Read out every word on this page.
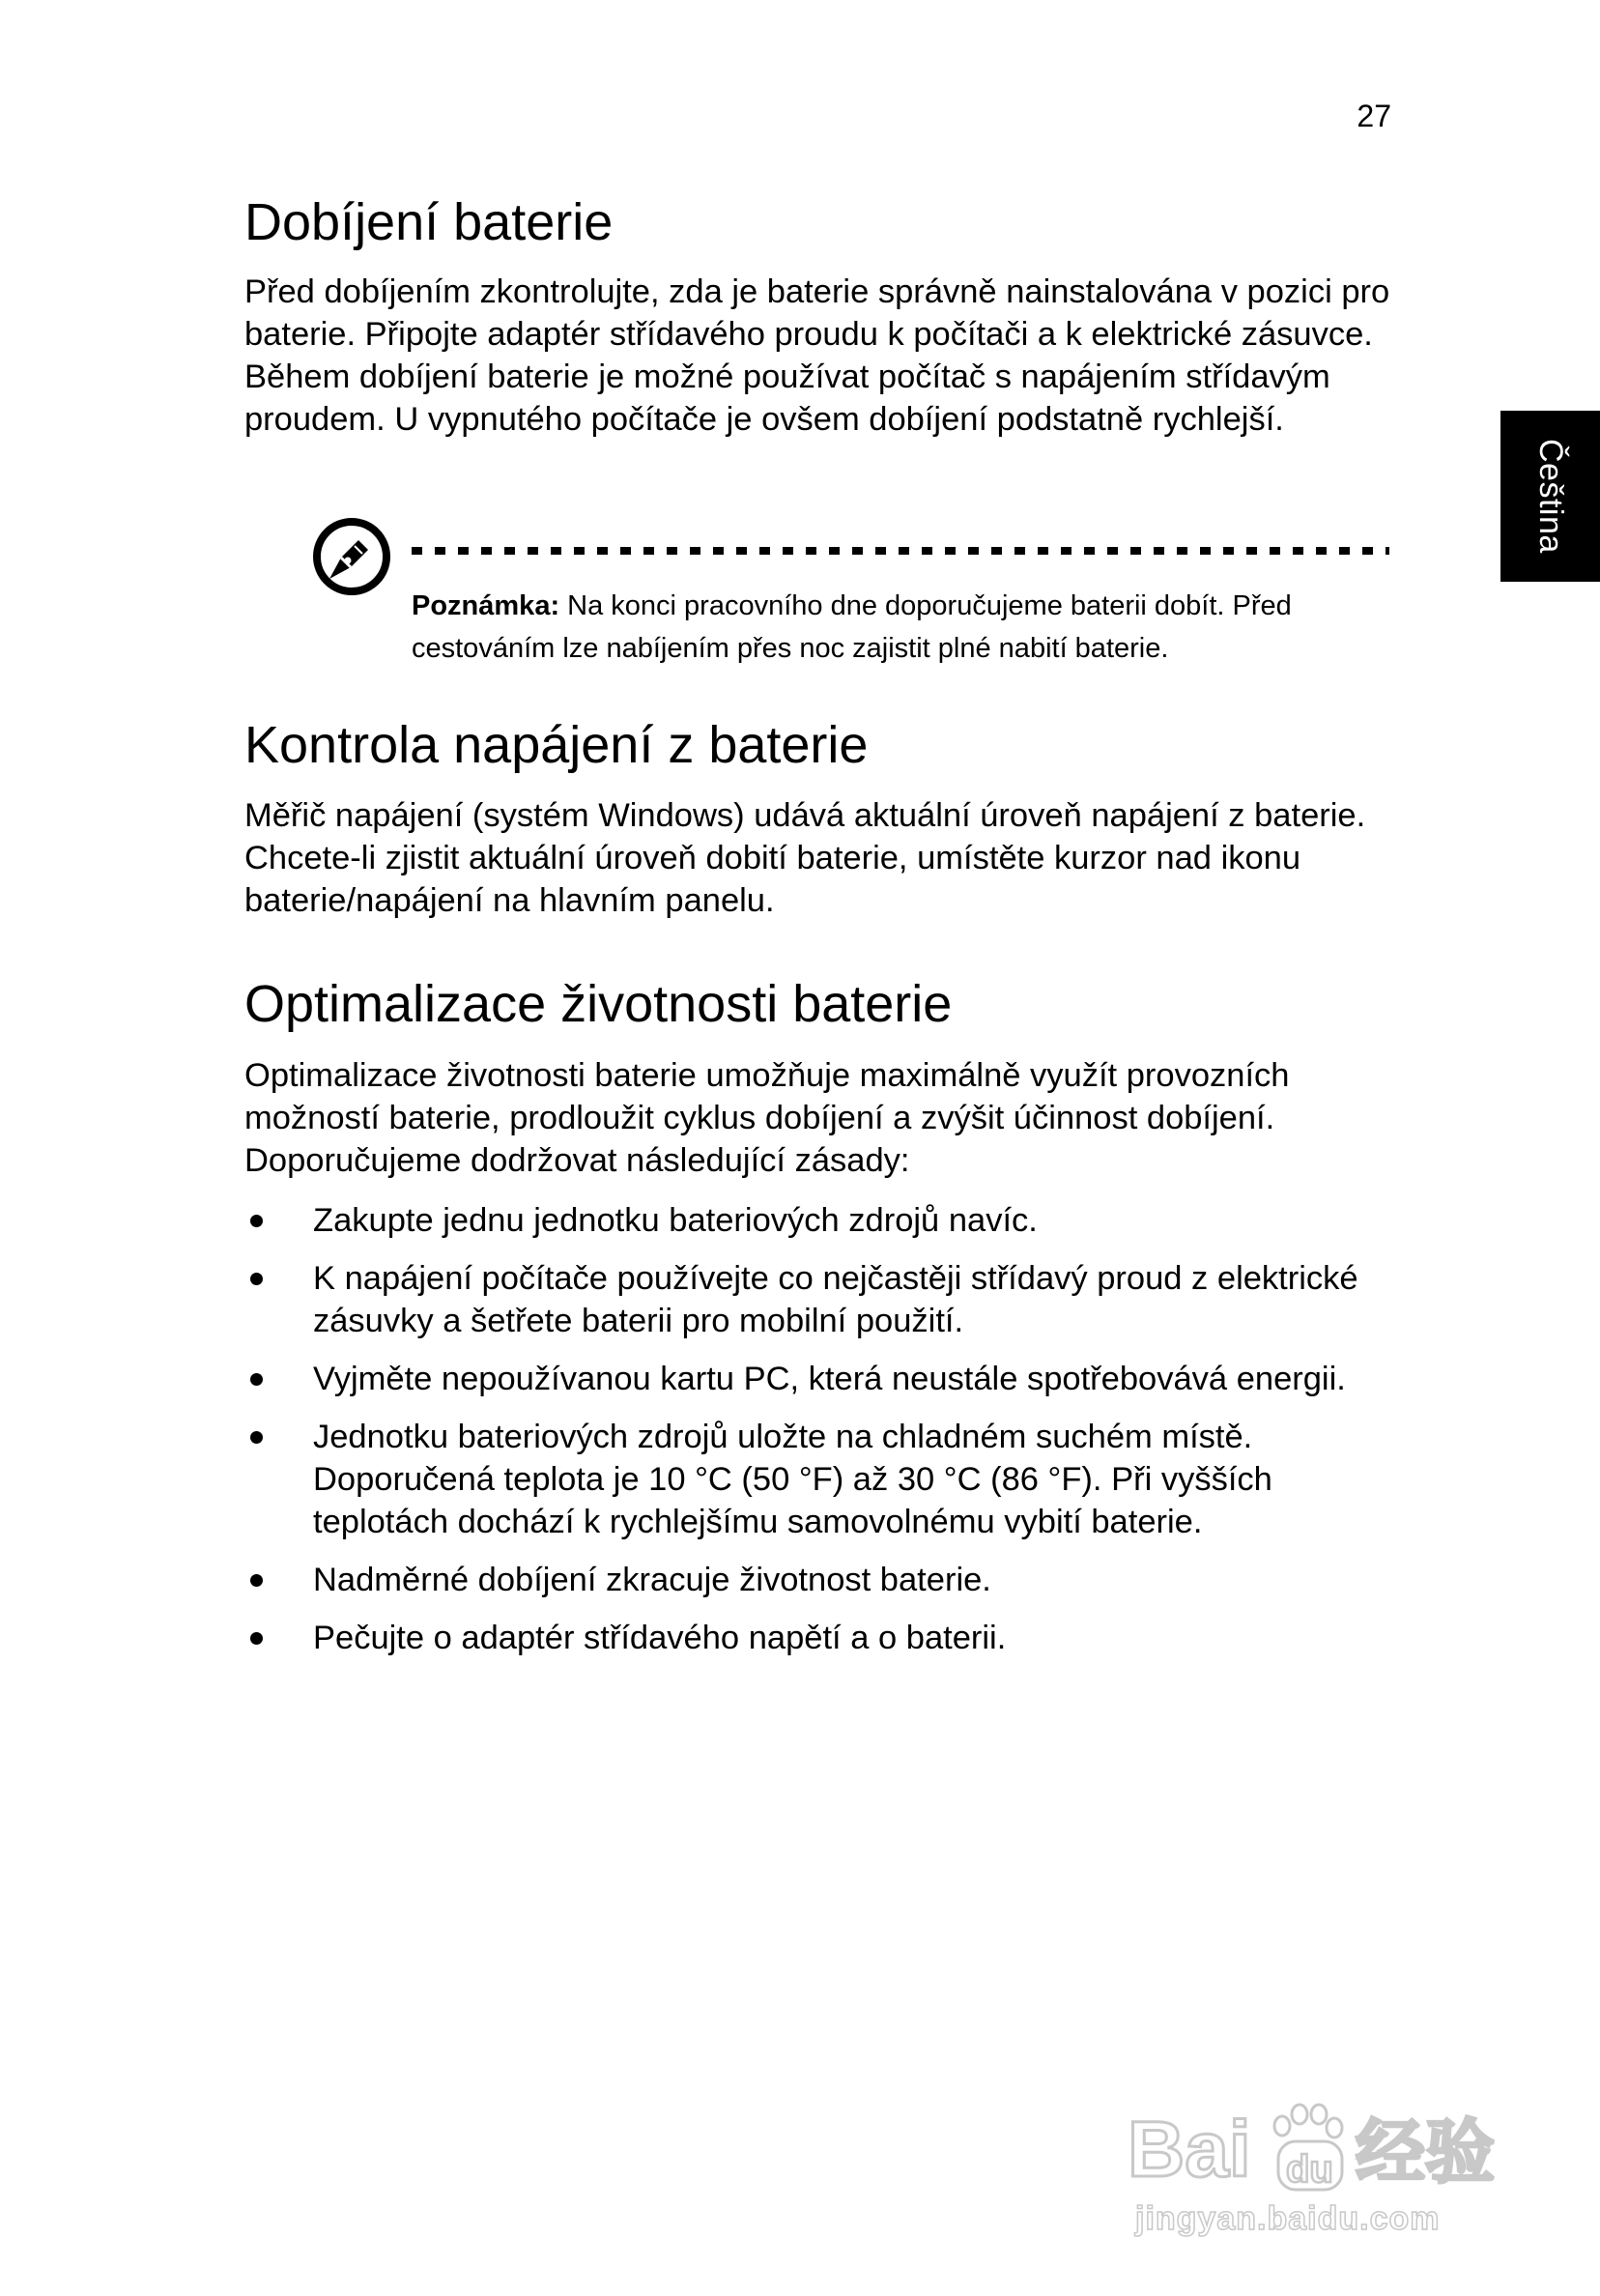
27
Čeština
Dobíjení baterie

Před dobíjením zkontrolujte, zda je baterie správně nainstalována v pozici pro baterie. Připojte adaptér střídavého proudu k počítači a k elektrické zásuvce. Během dobíjení baterie je možné používat počítač s napájením střídavým proudem. U vypnutého počítače je ovšem dobíjení podstatně rychlejší.

Poznámka: Na konci pracovního dne doporučujeme baterii dobít. Před cestováním lze nabíjením přes noc zajistit plné nabití baterie.

Kontrola napájení z baterie

Měřič napájení (systém Windows) udává aktuální úroveň napájení z baterie. Chcete-li zjistit aktuální úroveň dobití baterie, umístěte kurzor nad ikonu baterie/napájení na hlavním panelu.

Optimalizace životnosti baterie

Optimalizace životnosti baterie umožňuje maximálně využít provozních možností baterie, prodloužit cyklus dobíjení a zvýšit účinnost dobíjení. Doporučujeme dodržovat následující zásady:

Zakupte jednu jednotku bateriových zdrojů navíc.
K napájení počítače používejte co nejčastěji střídavý proud z elektrické zásuvky a šetřete baterii pro mobilní použití.
Vyjměte nepoužívanou kartu PC, která neustále spotřebovává energii.
Jednotku bateriových zdrojů uložte na chladném suchém místě. Doporučená teplota je 10 °C (50 °F) až 30 °C (86 °F). Při vyšších teplotách dochází k rychlejšímu samovolnému vybití baterie.
Nadměrné dobíjení zkracuje životnost baterie.
Pečujte o adaptér střídavého napětí a o baterii.
Bai du 经验
jingyan.baidu.com
